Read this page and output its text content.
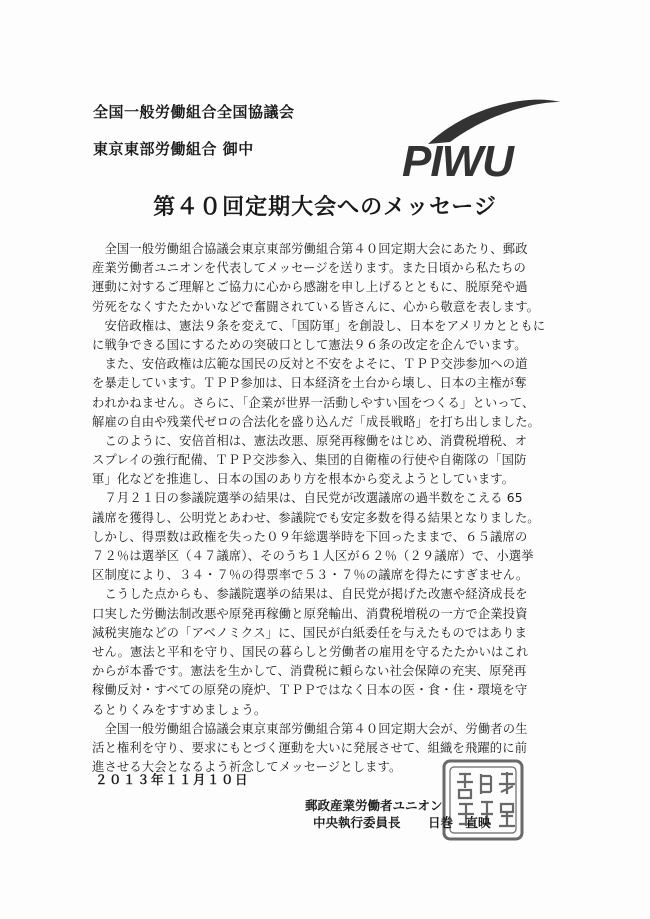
全国一般労働組合全国協議会
東京東部労働組合 御中	PIWU
第４０回定期大会へのメッセージ
　全国一般労働組合協議会東京東部労働組合第４０回定期大会にあたり、郵政
産業労働者ユニオンを代表してメッセージを送ります。また日頃から私たちの
運動に対するご理解とご協力に心から感謝を申し上げるとともに、脱原発や過
労死をなくすたたかいなどで奮闘されている皆さんに、心から敬意を表します。
　安倍政権は、憲法９条を変えて、「国防軍」を創設し、日本をアメリカとともに
に戦争できる国にするための突破口として憲法９６条の改定を企んでいます。
　また、安倍政権は広範な国民の反対と不安をよそに、ＴＰＰ交渉参加への道
を暴走しています。ＴＰＰ参加は、日本経済を土台から壊し、日本の主権が奪
われかねません。さらに、「企業が世界一活動しやすい国をつくる」といって、
解雇の自由や残業代ゼロの合法化を盛り込んだ「成長戦略」を打ち出しました。
　このように、安倍首相は、憲法改悪、原発再稼働をはじめ、消費税増税、オ
スプレイの強行配備、ＴＰＰ交渉参入、集団的自衛権の行使や自衛隊の「国防
軍」化などを推進し、日本の国のあり方を根本から変えようとしています。
　７月２１日の参議院選挙の結果は、自民党が改選議席の過半数をこえる 65
議席を獲得し、公明党とあわせ、参議院でも安定多数を得る結果となりました。
しかし、得票数は政権を失った０９年総選挙時を下回ったままで、６５議席の
７２％は選挙区（４７議席）、そのうち１人区が６２％（２９議席）で、小選挙
区制度により、３４・７％の得票率で５３・７％の議席を得たにすぎません。
　こうした点からも、参議院選挙の結果は、自民党が掲げた改憲や経済成長を
口実した労働法制改悪や原発再稼働と原発輸出、消費税増税の一方で企業投資
減税実施などの「アベノミクス」に、国民が白紙委任を与えたものではありま
せん。憲法と平和を守り、国民の暮らしと労働者の雇用を守るたたかいはこれ
からが本番です。憲法を生かして、消費税に頼らない社会保障の充実、原発再
稼働反対・すべての原発の廃炉、ＴＰＰではなく日本の医・食・住・環境を守
るとりくみをすすめましょう。
　全国一般労働組合協議会東京東部労働組合第４０回定期大会が、労働者の生
活と権利を守り、要求にもとづく運動を大いに発展させて、組織を飛躍的に前
進させる大会となるよう祈念してメッセージとします。
２０１３年１１月１０日
郵政産業労働者ユニオン
中央執行委員長 日巻　直映
